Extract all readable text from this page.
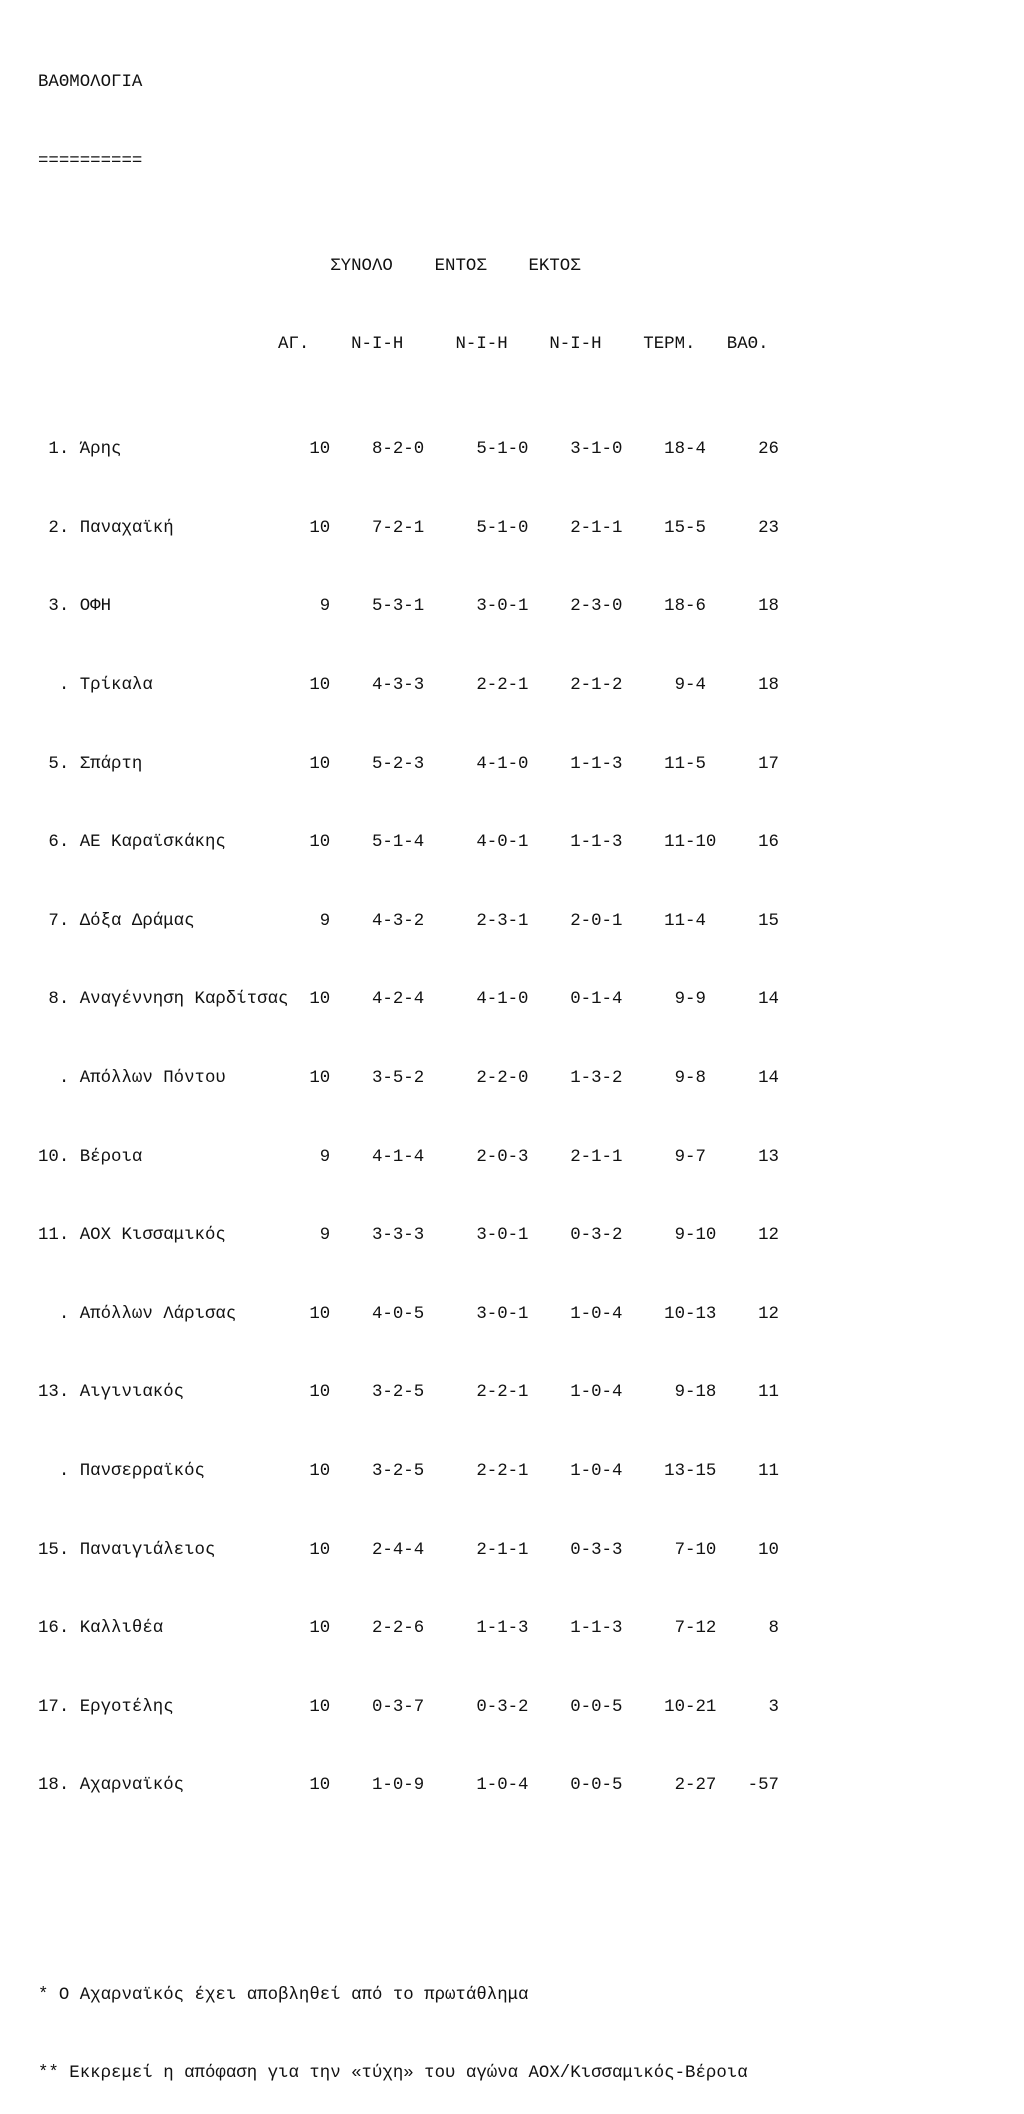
ΒΑΘΜΟΛΟΓΙΑ

==========

ΣΥΝΟΛΟ    ΕΝΤΟΣ    ΕΚΤΟΣ

ΑΓ.    Ν-Ι-Η     Ν-Ι-Η    Ν-Ι-Η    ΤΕΡΜ.   ΒΑΘ.

1. Άρης                  10    8-2-0     5-1-0    3-1-0    18-4     26

2. Παναχαϊκή             10    7-2-1     5-1-0    2-1-1    15-5     23

3. ΟΦΗ                    9    5-3-1     3-0-1    2-3-0    18-6     18

. Τρίκαλα               10    4-3-3     2-2-1    2-1-2     9-4     18

5. Σπάρτη                10    5-2-3     4-1-0    1-1-3    11-5     17

6. ΑΕ Καραϊσκάκης        10    5-1-4     4-0-1    1-1-3    11-10    16

7. Δόξα Δράμας            9    4-3-2     2-3-1    2-0-1    11-4     15

8. Αναγέννηση Καρδίτσας  10    4-2-4     4-1-0    0-1-4     9-9     14

. Απόλλων Πόντου        10    3-5-2     2-2-0    1-3-2     9-8     14

10. Βέροια                 9    4-1-4     2-0-3    2-1-1     9-7     13

11. ΑΟΧ Κισσαμικός         9    3-3-3     3-0-1    0-3-2     9-10    12

. Απόλλων Λάρισας       10    4-0-5     3-0-1    1-0-4    10-13    12

13. Αιγινιακός            10    3-2-5     2-2-1    1-0-4     9-18    11

. Πανσερραϊκός          10    3-2-5     2-2-1    1-0-4    13-15    11

15. Παναιγιάλειος         10    2-4-4     2-1-1    0-3-3     7-10    10

16. Καλλιθέα              10    2-2-6     1-1-3    1-1-3     7-12     8

17. Εργοτέλης             10    0-3-7     0-3-2    0-0-5    10-21     3

18. Αχαρναϊκός            10    1-0-9     1-0-4    0-0-5     2-27   -57

* Ο Αχαρναϊκός έχει αποβληθεί από το πρωτάθλημα

** Εκκρεμεί η απόφαση για την «τύχη» του αγώνα ΑΟΧ/Κισσαμικός-Βέροια
